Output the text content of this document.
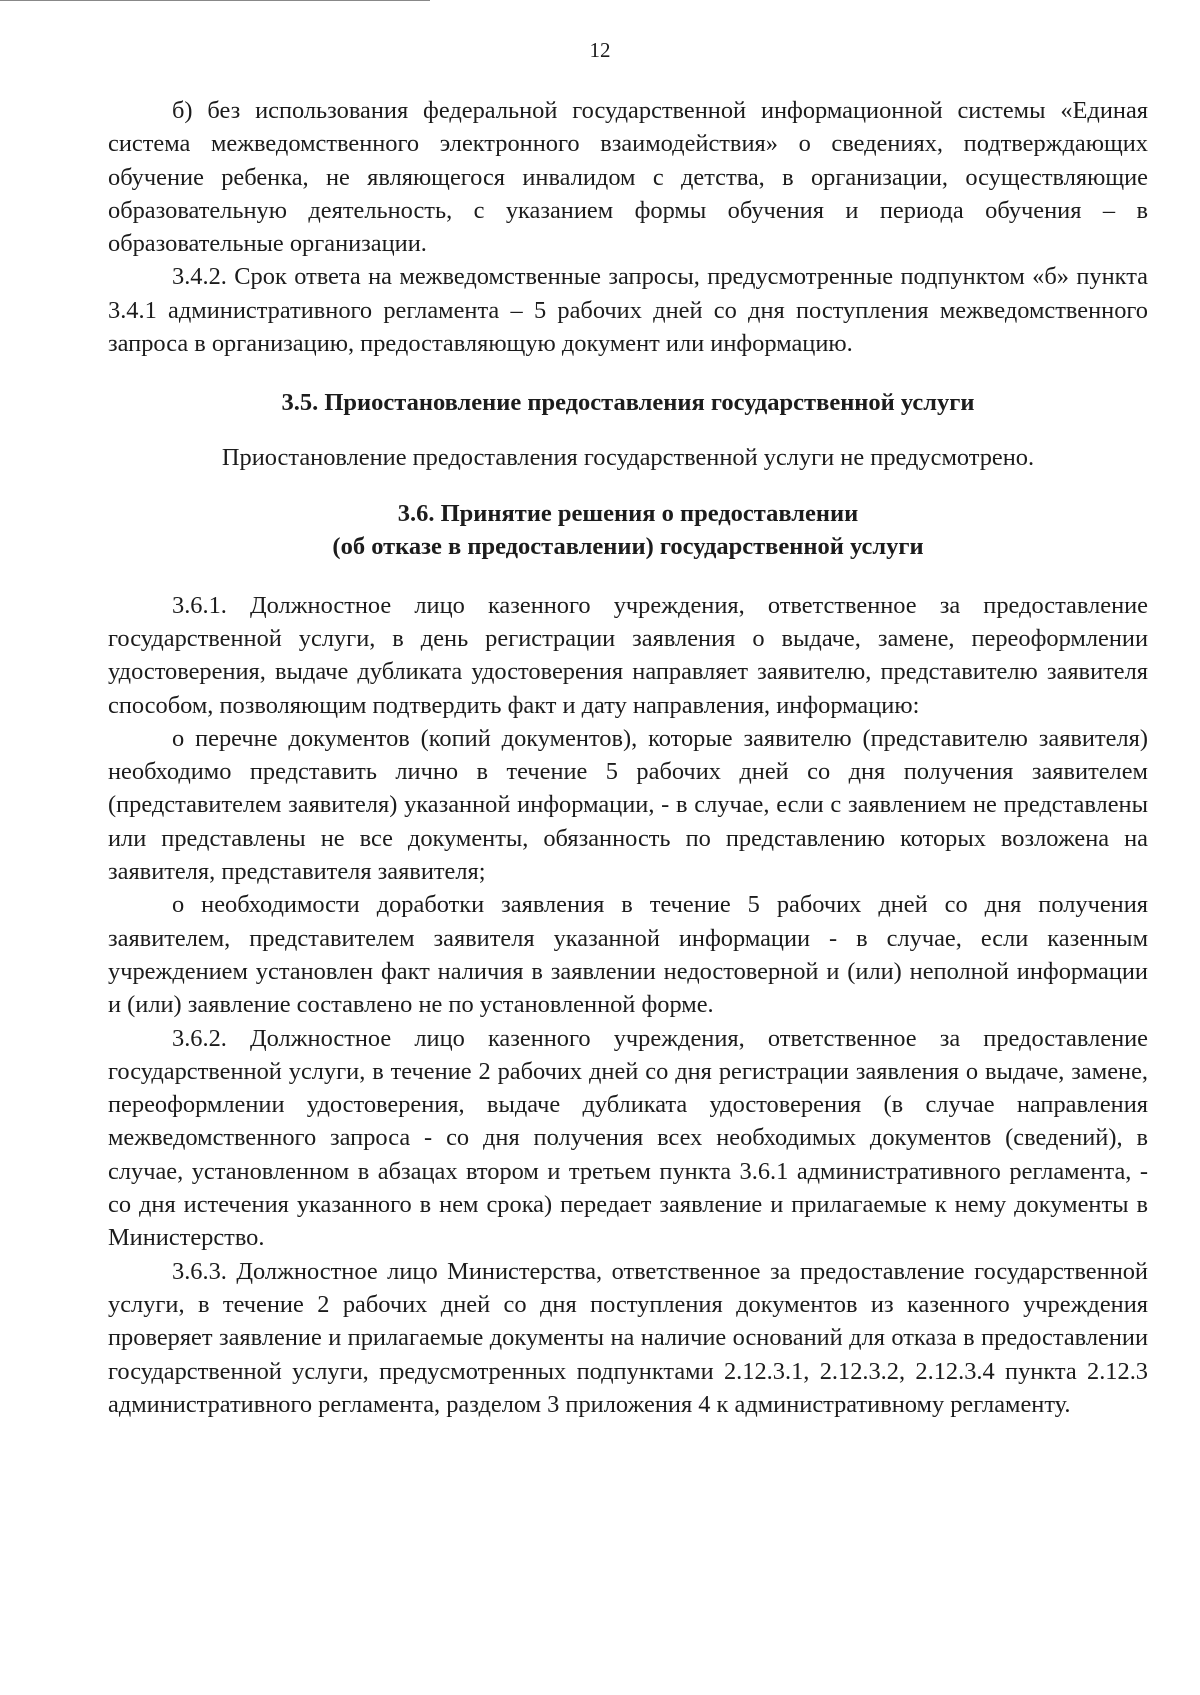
12

б) без использования федеральной государственной информационной системы «Единая система межведомственного электронного взаимодействия» о сведениях, подтверждающих обучение ребенка, не являющегося инвалидом с детства, в организации, осуществляющие образовательную деятельность, с указанием формы обучения и периода обучения – в образовательные организации.

3.4.2. Срок ответа на межведомственные запросы, предусмотренные подпунктом «б» пункта 3.4.1 административного регламента – 5 рабочих дней со дня поступления межведомственного запроса в организацию, предоставляющую документ или информацию.

3.5. Приостановление предоставления государственной услуги

Приостановление предоставления государственной услуги не предусмотрено.

3.6. Принятие решения о предоставлении

(об отказе в предоставлении) государственной услуги

3.6.1. Должностное лицо казенного учреждения, ответственное за предоставление государственной услуги, в день регистрации заявления о выдаче, замене, переоформлении удостоверения, выдаче дубликата удостоверения направляет заявителю, представителю заявителя способом, позволяющим подтвердить факт и дату направления, информацию:

о перечне документов (копий документов), которые заявителю (представителю заявителя) необходимо представить лично в течение 5 рабочих дней со дня получения заявителем (представителем заявителя) указанной информации, - в случае, если с заявлением не представлены или представлены не все документы, обязанность по представлению которых возложена на заявителя, представителя заявителя;

о необходимости доработки заявления в течение 5 рабочих дней со дня получения заявителем, представителем заявителя указанной информации - в случае, если казенным учреждением установлен факт наличия в заявлении недостоверной и (или) неполной информации и (или) заявление составлено не по установленной форме.

3.6.2. Должностное лицо казенного учреждения, ответственное за предоставление государственной услуги, в течение 2 рабочих дней со дня регистрации заявления о выдаче, замене, переоформлении удостоверения, выдаче дубликата удостоверения (в случае направления межведомственного запроса - со дня получения всех необходимых документов (сведений), в случае, установленном в абзацах втором и третьем пункта 3.6.1 административного регламента, - со дня истечения указанного в нем срока) передает заявление и прилагаемые к нему документы в Министерство.

3.6.3. Должностное лицо Министерства, ответственное за предоставление государственной услуги, в течение 2 рабочих дней со дня поступления документов из казенного учреждения проверяет заявление и прилагаемые документы на наличие оснований для отказа в предоставлении государственной услуги, предусмотренных подпунктами 2.12.3.1, 2.12.3.2, 2.12.3.4 пункта 2.12.3 административного регламента, разделом 3 приложения 4 к административному регламенту.
